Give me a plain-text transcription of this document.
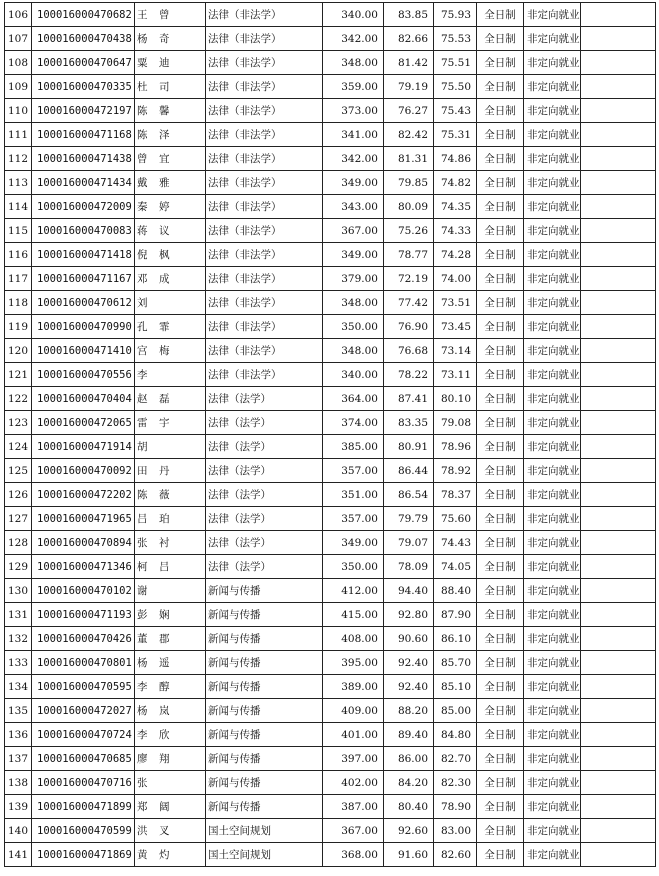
106	100016000470682	王 曾	法律（非法学）	340.00	83.85	75.93	全日制	非定向就业	
107	100016000470438	杨 奇	法律（非法学）	342.00	82.66	75.53	全日制	非定向就业	
108	100016000470647	粟 迪	法律（非法学）	348.00	81.42	75.51	全日制	非定向就业	
109	100016000470335	杜 司	法律（非法学）	359.00	79.19	75.50	全日制	非定向就业	
110	100016000472197	陈 馨	法律（非法学）	373.00	76.27	75.43	全日制	非定向就业	
111	100016000471168	陈 泽	法律（非法学）	341.00	82.42	75.31	全日制	非定向就业	
112	100016000471438	曾 宜	法律（非法学）	342.00	81.31	74.86	全日制	非定向就业	
113	100016000471434	戴 雅	法律（非法学）	349.00	79.85	74.82	全日制	非定向就业	
114	100016000472009	秦 婷	法律（非法学）	343.00	80.09	74.35	全日制	非定向就业	
115	100016000470083	蒋 议	法律（非法学）	367.00	75.26	74.33	全日制	非定向就业	
116	100016000471418	倪 枫	法律（非法学）	349.00	78.77	74.28	全日制	非定向就业	
117	100016000471167	邓 成	法律（非法学）	379.00	72.19	74.00	全日制	非定向就业	
118	100016000470612	刘	法律（非法学）	348.00	77.42	73.51	全日制	非定向就业	
119	100016000470990	孔 霏	法律（非法学）	350.00	76.90	73.45	全日制	非定向就业	
120	100016000471410	宫 梅	法律（非法学）	348.00	76.68	73.14	全日制	非定向就业	
121	100016000470556	李	法律（非法学）	340.00	78.22	73.11	全日制	非定向就业	
122	100016000470404	赵 磊	法律（法学）	364.00	87.41	80.10	全日制	非定向就业	
123	100016000472065	雷 宇	法律（法学）	374.00	83.35	79.08	全日制	非定向就业	
124	100016000471914	胡	法律（法学）	385.00	80.91	78.96	全日制	非定向就业	
125	100016000470092	田 丹	法律（法学）	357.00	86.44	78.92	全日制	非定向就业	
126	100016000472202	陈 薇	法律（法学）	351.00	86.54	78.37	全日制	非定向就业	
127	100016000471965	吕 珀	法律（法学）	357.00	79.79	75.60	全日制	非定向就业	
128	100016000470894	张 衬	法律（法学）	349.00	79.07	74.43	全日制	非定向就业	
129	100016000471346	柯 吕	法律（法学）	350.00	78.09	74.05	全日制	非定向就业	
130	100016000470102	谢	新闻与传播	412.00	94.40	88.40	全日制	非定向就业	
131	100016000471193	彭 娴	新闻与传播	415.00	92.80	87.90	全日制	非定向就业	
132	100016000470426	董 郡	新闻与传播	408.00	90.60	86.10	全日制	非定向就业	
133	100016000470801	杨 遥	新闻与传播	395.00	92.40	85.70	全日制	非定向就业	
134	100016000470595	李 醇	新闻与传播	389.00	92.40	85.10	全日制	非定向就业	
135	100016000472027	杨 岚	新闻与传播	409.00	88.20	85.00	全日制	非定向就业	
136	100016000470724	李 欣	新闻与传播	401.00	89.40	84.80	全日制	非定向就业	
137	100016000470685	廖 翔	新闻与传播	397.00	86.00	82.70	全日制	非定向就业	
138	100016000470716	张	新闻与传播	402.00	84.20	82.30	全日制	非定向就业	
139	100016000471899	郑 阔	新闻与传播	387.00	80.40	78.90	全日制	非定向就业	
140	100016000470599	洪 叉	国土空间规划	367.00	92.60	83.00	全日制	非定向就业	
141	100016000471869	黄 灼	国土空间规划	368.00	91.60	82.60	全日制	非定向就业	
